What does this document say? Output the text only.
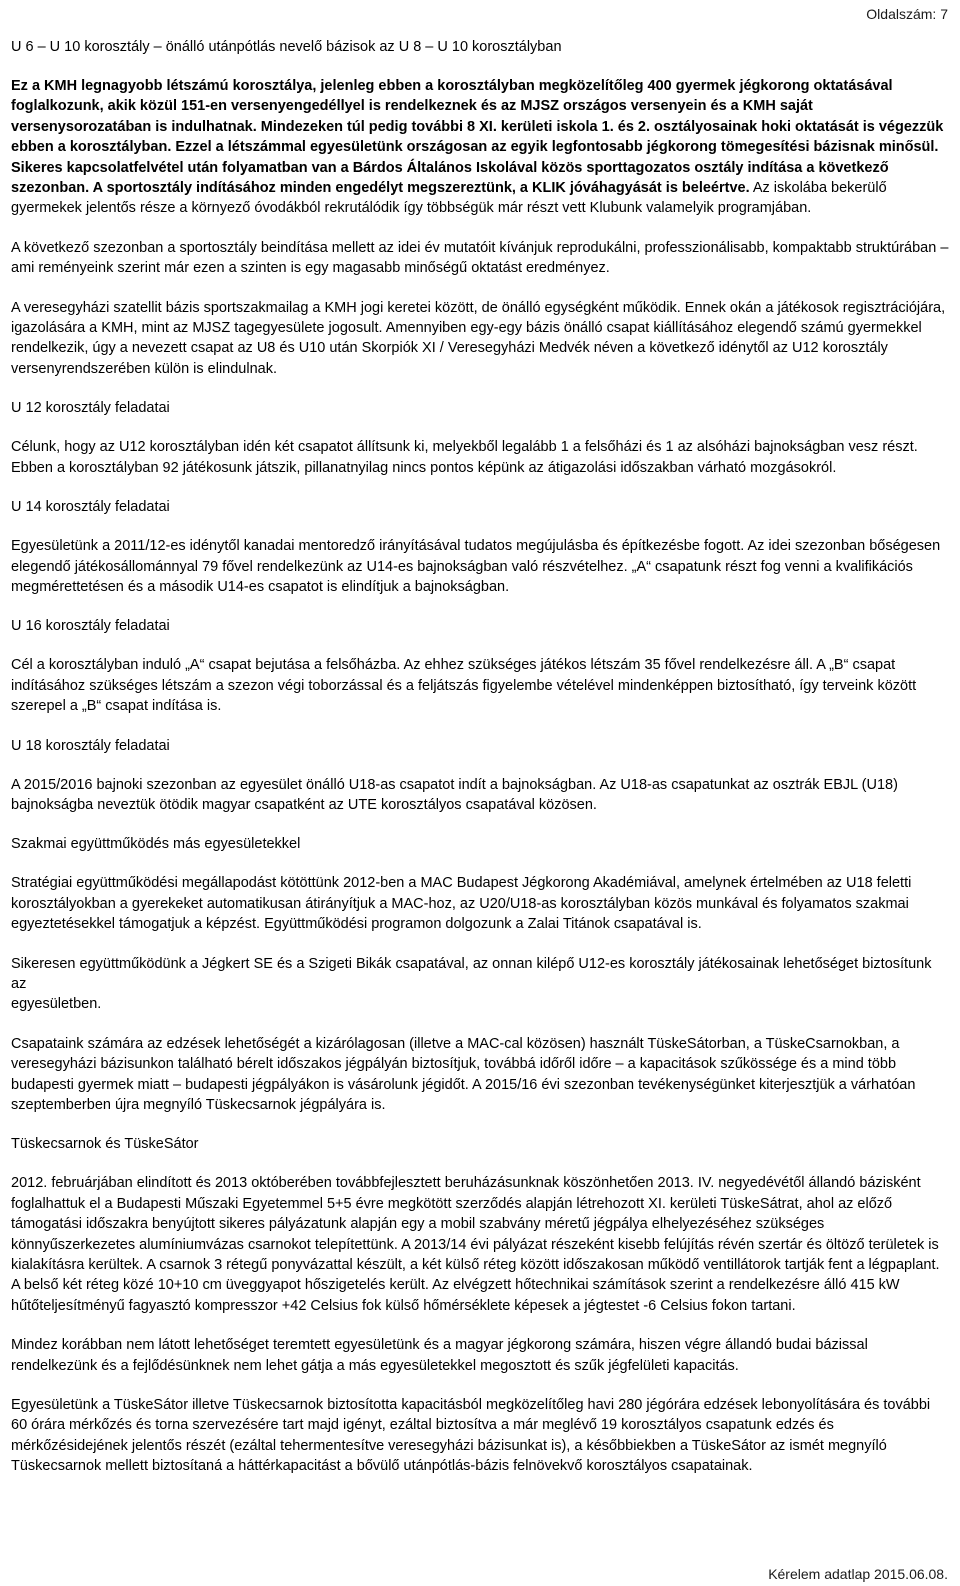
Oldalszám: 7
U 6 – U 10 korosztály – önálló utánpótlás nevelő bázisok az U 8 – U 10 korosztályban
Ez a KMH legnagyobb létszámú korosztálya, jelenleg ebben a korosztályban megközelítőleg 400 gyermek jégkorong oktatásával foglalkozunk, akik közül 151-en versenyengedéllyel is rendelkeznek és az MJSZ országos versenyein és a KMH saját versenysorozatában is indulhatnak. Mindezeken túl pedig további 8 XI. kerületi iskola 1. és 2. osztályosainak hoki oktatását is végezzük ebben a korosztályban. Ezzel a létszámmal egyesületünk országosan az egyik legfontosabb jégkorong tömegesítési bázisnak minősül. Sikeres kapcsolatfelvétel után folyamatban van a Bárdos Általános Iskolával közös sporttagozatos osztály indítása a következő szezonban. A sportosztály indításához minden engedélyt megszereztünk, a KLIK jóváhagyását is beleértve. Az iskolába bekerülő gyermekek jelentős része a környező óvodákból rekrutálódik így többségük már részt vett Klubunk valamelyik programjában.
A következő szezonban a sportosztály beindítása mellett az idei év mutatóit kívánjuk reprodukálni, professzionálisabb, kompaktabb struktúrában – ami reményeink szerint már ezen a szinten is egy magasabb minőségű oktatást eredményez.
A veresegyházi szatellit bázis sportszakmailag a KMH jogi keretei között, de önálló egységként működik. Ennek okán a játékosok regisztrációjára, igazolására a KMH, mint az MJSZ tagegyesülete jogosult. Amennyiben egy-egy bázis önálló csapat kiállításához elegendő számú gyermekkel rendelkezik, úgy a nevezett csapat az U8 és U10 után Skorpiók XI / Veresegyházi Medvék néven a következő idénytől az U12 korosztály versenyrendszerében külön is elindulnak.
U 12 korosztály feladatai
Célunk, hogy az U12 korosztályban idén két csapatot állítsunk ki, melyekből legalább 1 a felsőházi és 1 az alsóházi bajnokságban vesz részt. Ebben a korosztályban 92 játékosunk játszik, pillanatnyilag nincs pontos képünk az átigazolási időszakban várható mozgásokról.
U 14 korosztály feladatai
Egyesületünk a 2011/12-es idénytől kanadai mentoredző irányításával tudatos megújulásba és építkezésbe fogott. Az idei szezonban bőségesen elegendő játékosállománnyal 79 fővel rendelkezünk az U14-es bajnokságban való részvételhez. „A“ csapatunk részt fog venni a kvalifikációs megmérettetésen és a második U14-es csapatot is elindítjuk a bajnokságban.
U 16 korosztály feladatai
Cél a korosztályban induló „A“ csapat bejutása a felsőházba. Az ehhez szükséges játékos létszám 35 fővel rendelkezésre áll. A „B“ csapat indításához szükséges létszám a szezon végi toborzással és a feljátszás figyelembe vételével mindenképpen biztosítható, így terveink között szerepel a „B“ csapat indítása is.
U 18 korosztály feladatai
A 2015/2016 bajnoki szezonban az egyesület önálló U18-as csapatot indít a bajnokságban. Az U18-as csapatunkat az osztrák EBJL (U18) bajnokságba neveztük ötödik magyar csapatként az UTE korosztályos csapatával közösen.
Szakmai együttműködés más egyesületekkel
Stratégiai együttműködési megállapodást kötöttünk 2012-ben a MAC Budapest Jégkorong Akadémiával, amelynek értelmében az U18 feletti korosztályokban a gyerekeket automatikusan átirányítjuk a MAC-hoz, az U20/U18-as korosztályban közös munkával és folyamatos szakmai egyeztetésekkel támogatjuk a képzést. Együttműködési programon dolgozunk a Zalai Titánok csapatával is.
Sikeresen együttműködünk a Jégkert SE és a Szigeti Bikák csapatával, az onnan kilépő U12-es korosztály játékosainak lehetőséget biztosítunk az
egyesületben.
Csapataink számára az edzések lehetőségét a kizárólagosan (illetve a MAC-cal közösen) használt TüskeSátorban, a TüskeCsarnokban, a
veresegyházi bázisunkon található bérelt időszakos jégpályán biztosítjuk, továbbá időről időre – a kapacitások szűkössége és a mind több budapesti gyermek miatt – budapesti jégpályákon is vásárolunk jégidőt. A 2015/16 évi szezonban tevékenységünket kiterjesztjük a várhatóan szeptemberben újra megnyíló Tüskecsarnok jégpályára is.
Tüskecsarnok és TüskeSátor
2012. februárjában elindított és 2013 októberében továbbfejlesztett beruházásunknak köszönhetően 2013. IV. negyedévétől állandó bázisként foglalhattuk el a Budapesti Műszaki Egyetemmel 5+5 évre megkötött szerződés alapján létrehozott XI. kerületi TüskeSátrat, ahol az előző támogatási időszakra benyújtott sikeres pályázatunk alapján egy a mobil szabvány méretű jégpálya elhelyezéséhez szükséges könnyűszerkezetes alumíniumvázas csarnokot telepítettünk. A 2013/14 évi pályázat részeként kisebb felújítás révén szertár és öltöző területek is kialakításra kerültek. A csarnok 3 rétegű ponyvázattal készült, a két külső réteg között időszakosan működő ventillátorok tartják fent a légpaplant. A belső két réteg közé 10+10 cm üveggyapot hőszigetelés került. Az elvégzett hőtechnikai számítások szerint a rendelkezésre álló 415 kW hűtőteljesítményű fagyasztó kompresszor +42 Celsius fok külső hőmérséklete képesek a jégtestet -6 Celsius fokon tartani.
Mindez korábban nem látott lehetőséget teremtett egyesületünk és a magyar jégkorong számára, hiszen végre állandó budai bázissal rendelkezünk és a fejlődésünknek nem lehet gátja a más egyesületekkel megosztott és szűk jégfelületi kapacitás.
Egyesületünk a TüskeSátor illetve Tüskecsarnok biztosította kapacitásból megközelítőleg havi 280 jégórára edzések lebonyolítására és további 60 órára mérkőzés és torna szervezésére tart majd igényt, ezáltal biztosítva a már meglévő 19 korosztályos csapatunk edzés és mérkőzésidejének jelentős részét (ezáltal tehermentesítve veresegyházi bázisunkat is), a későbbiekben a TüskeSátor az ismét megnyíló Tüskecsarnok mellett biztosítaná a háttérkapacitást a bővülő utánpótlás-bázis felnövekvő korosztályos csapatainak.
Kérelem adatlap 2015.06.08.
